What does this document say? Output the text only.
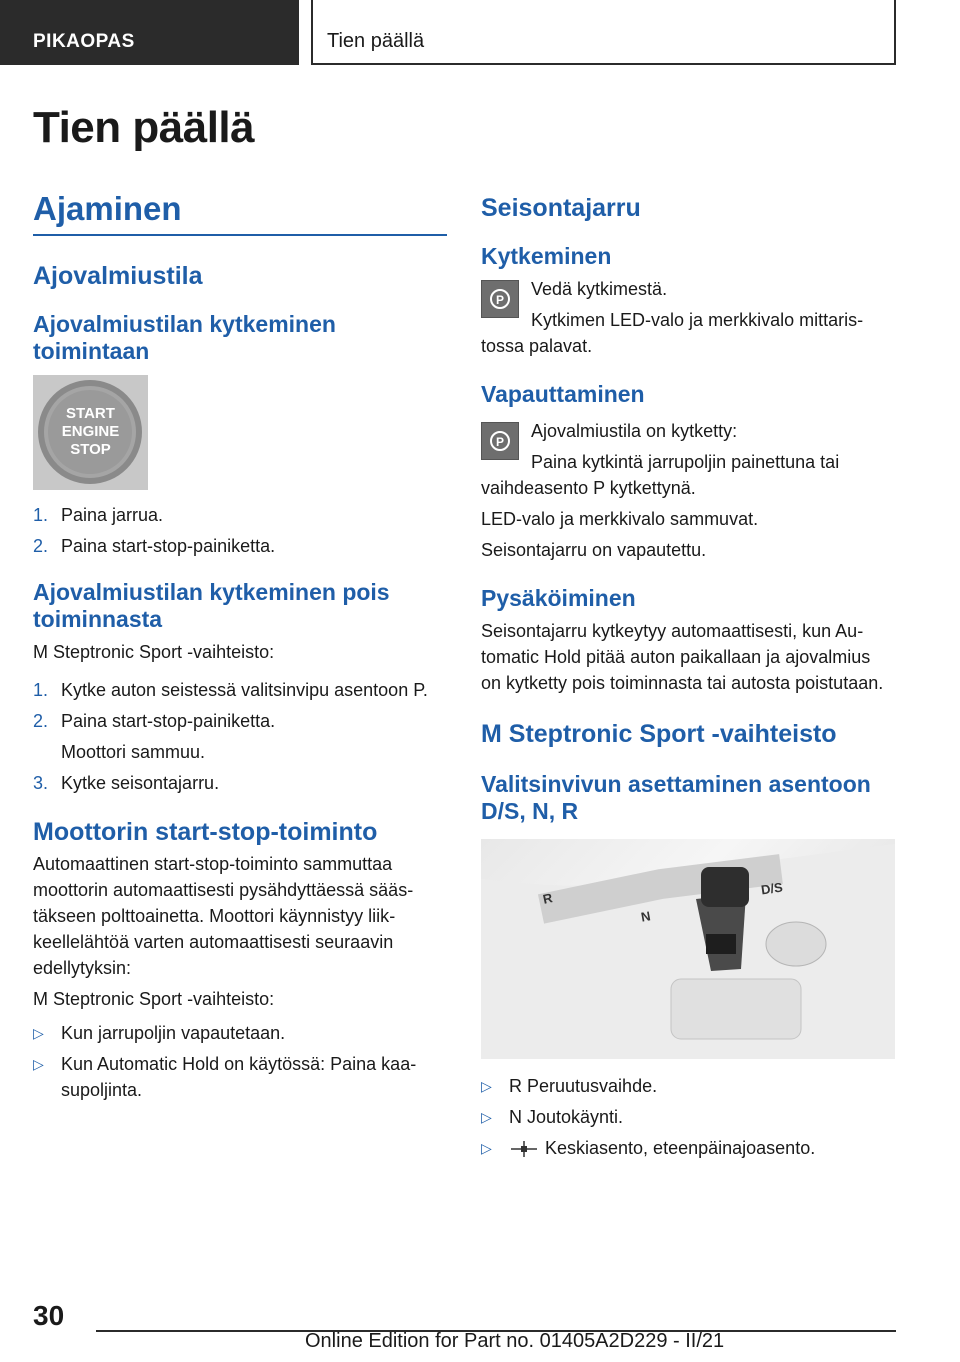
PIKAOPAS	Tien päällä
Tien päällä
Ajaminen
Ajovalmiustila
Ajovalmiustilan kytkeminen toimintaan
START
ENGINE
STOP
1. Paina jarrua.
2. Paina start-stop-painiketta.
Ajovalmiustilan kytkeminen pois toiminnasta

M Steptronic Sport -vaihteisto:

1. Kytke auton seistessä valitsinvipu asentoon P.
2. Paina start-stop-painiketta.
Moottori sammuu.
3. Kytke seisontajarru.
Moottorin start-stop-toiminto

Automaattinen start-stop-toiminto sammuttaa moottorin automaattisesti pysähdyttäessä säästäkseen polttoainetta. Moottori käynnistyy liikkeellelähtöä varten automaattisesti seuraavin edellytyksin:

M Steptronic Sport -vaihteisto:

▷ Kun jarrupoljin vapautetaan.
▷ Kun Automatic Hold on käytössä: Paina kaasupoljinta.
Seisontajarru
Kytkeminen
P

Vedä kytkimestä.

Kytkimen LED-valo ja merkkivalo mittaristossa palavat.

Vapauttaminen
P

Ajovalmiustila on kytketty:

Paina kytkintä jarrupoljin painettuna tai vaihdeasento P kytkettynä.

LED-valo ja merkkivalo sammuvat.

Seisontajarru on vapautettu.

Pysäköiminen

Seisontajarru kytkeytyy automaattisesti, kun Automatic Hold pitää auton paikallaan ja ajovalmius on kytketty pois toiminnasta tai autosta poistutaan.

M Steptronic Sport -vaihteisto
Valitsinvivun asettaminen asentoon D/S, N, R
R
N
D/S
▷ R Peruutusvaihde.
▷ N Joutokäynti.
▷	Keskiasento, eteenpäinajoasento.
30
Online Edition for Part no. 01405A2D229 - II/21
